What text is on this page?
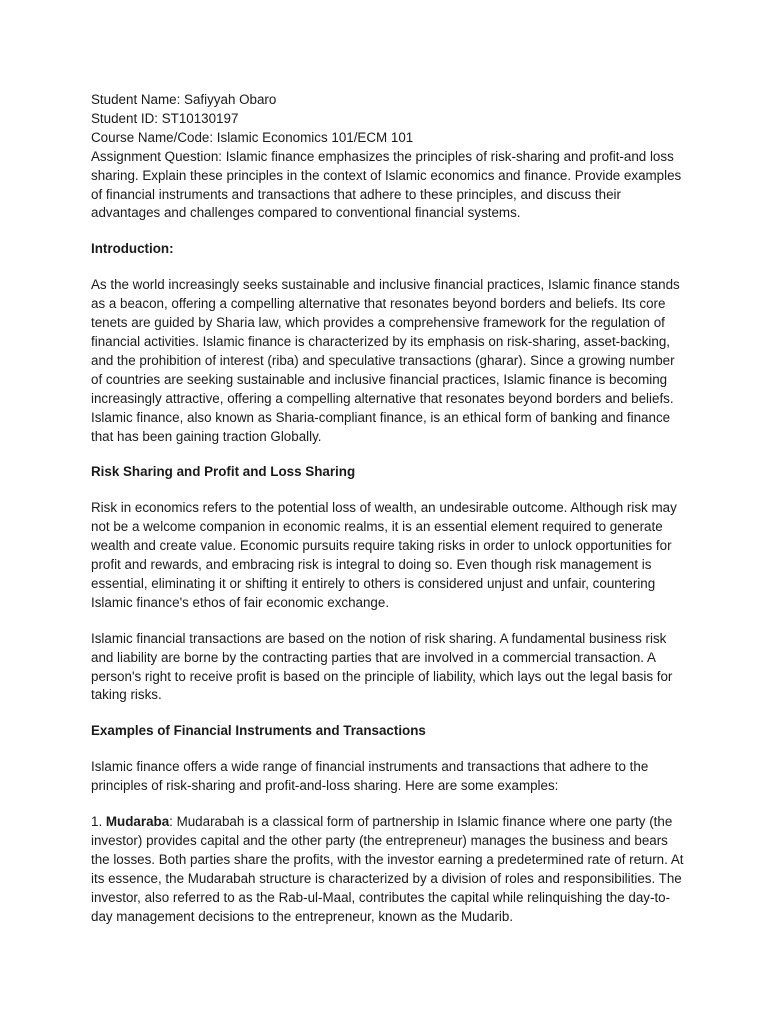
Student Name: Safiyyah Obaro

Student ID: ST10130197

Course Name/Code: Islamic Economics 101/ECM 101

Assignment Question: Islamic finance emphasizes the principles of risk-sharing and profit-and loss sharing. Explain these principles in the context of Islamic economics and finance. Provide examples of financial instruments and transactions that adhere to these principles, and discuss their advantages and challenges compared to conventional financial systems.

Introduction:

As the world increasingly seeks sustainable and inclusive financial practices, Islamic finance stands as a beacon, offering a compelling alternative that resonates beyond borders and beliefs. Its core tenets are guided by Sharia law, which provides a comprehensive framework for the regulation of financial activities. Islamic finance is characterized by its emphasis on risk-sharing, asset-backing, and the prohibition of interest (riba) and speculative transactions (gharar). Since a growing number of countries are seeking sustainable and inclusive financial practices, Islamic finance is becoming increasingly attractive, offering a compelling alternative that resonates beyond borders and beliefs. Islamic finance, also known as Sharia-compliant finance, is an ethical form of banking and finance that has been gaining traction Globally.

Risk Sharing and Profit and Loss Sharing

Risk in economics refers to the potential loss of wealth, an undesirable outcome. Although risk may not be a welcome companion in economic realms, it is an essential element required to generate wealth and create value. Economic pursuits require taking risks in order to unlock opportunities for profit and rewards, and embracing risk is integral to doing so. Even though risk management is essential, eliminating it or shifting it entirely to others is considered unjust and unfair, countering Islamic finance's ethos of fair economic exchange.

Islamic financial transactions are based on the notion of risk sharing. A fundamental business risk and liability are borne by the contracting parties that are involved in a commercial transaction. A person's right to receive profit is based on the principle of liability, which lays out the legal basis for taking risks.

Examples of Financial Instruments and Transactions

Islamic finance offers a wide range of financial instruments and transactions that adhere to the principles of risk-sharing and profit-and-loss sharing. Here are some examples:

1. Mudaraba: Mudarabah is a classical form of partnership in Islamic finance where one party (the investor) provides capital and the other party (the entrepreneur) manages the business and bears the losses. Both parties share the profits, with the investor earning a predetermined rate of return. At its essence, the Mudarabah structure is characterized by a division of roles and responsibilities. The investor, also referred to as the Rab-ul-Maal, contributes the capital while relinquishing the day-to-day management decisions to the entrepreneur, known as the Mudarib.
